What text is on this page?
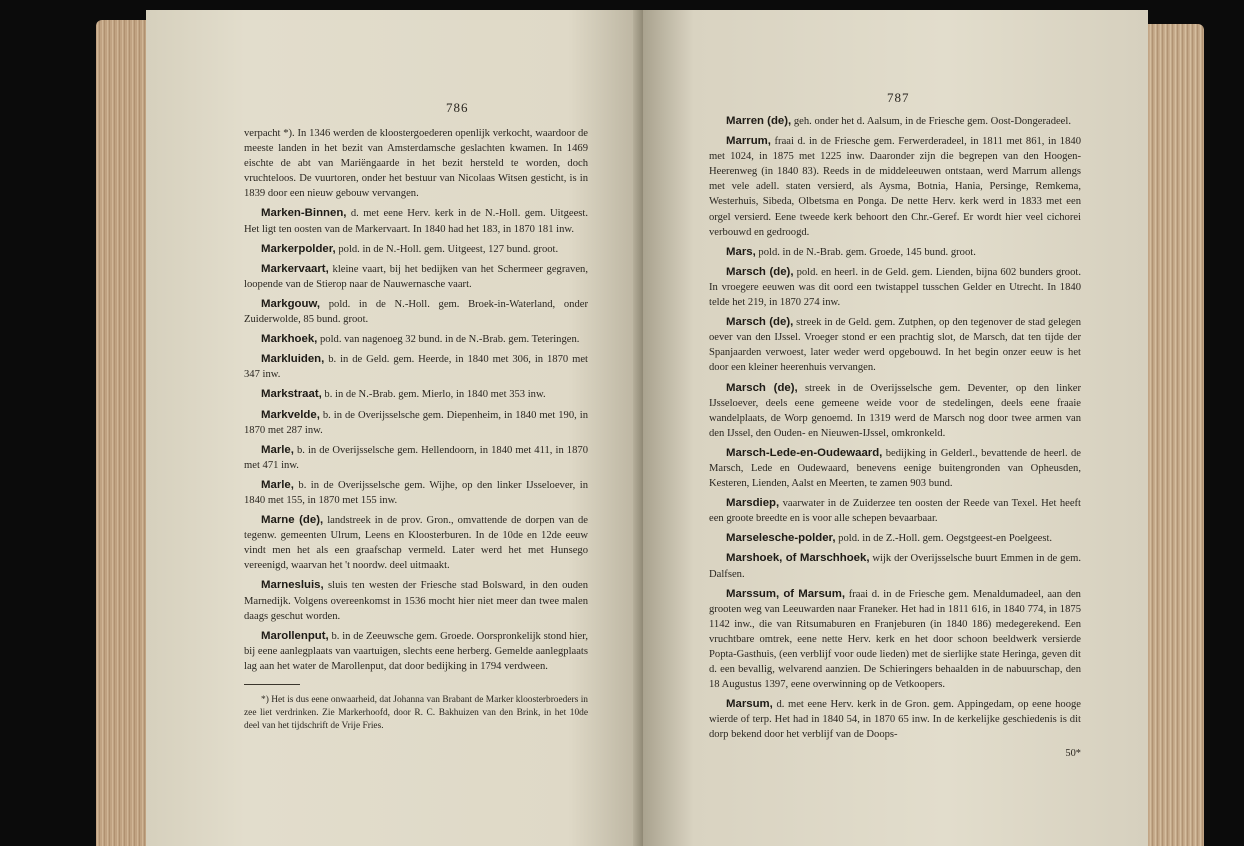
786

verpacht *). In 1346 werden de kloostergoederen openlijk verkocht, waardoor de meeste landen in het bezit van Amsterdamsche geslachten kwamen. In 1469 eischte de abt van Mariëngaarde in het bezit hersteld te worden, doch vruchteloos. De vuurtoren, onder het bestuur van Nicolaas Witsen gesticht, is in 1839 door een nieuw gebouw vervangen.

Marken-Binnen, d. met eene Herv. kerk in de N.-Holl. gem. Uitgeest. Het ligt ten oosten van de Markervaart. In 1840 had het 183, in 1870 181 inw.

Markerpolder, pold. in de N.-Holl. gem. Uitgeest, 127 bund. groot.

Markervaart, kleine vaart, bij het bedijken van het Schermeer gegraven, loopende van de Stierop naar de Nauwernasche vaart.

Markgouw, pold. in de N.-Holl. gem. Broek-in-Waterland, onder Zuiderwolde, 85 bund. groot.

Markhoek, pold. van nagenoeg 32 bund. in de N.-Brab. gem. Teteringen.

Markluiden, b. in de Geld. gem. Heerde, in 1840 met 306, in 1870 met 347 inw.

Markstraat, b. in de N.-Brab. gem. Mierlo, in 1840 met 353 inw.

Markvelde, b. in de Overijsselsche gem. Diepenheim, in 1840 met 190, in 1870 met 287 inw.

Marle, b. in de Overijsselsche gem. Hellendoorn, in 1840 met 411, in 1870 met 471 inw.

Marle, b. in de Overijsselsche gem. Wijhe, op den linker IJsseloever, in 1840 met 155, in 1870 met 155 inw.

Marne (de), landstreek in de prov. Gron., omvattende de dorpen van de tegenw. gemeenten Ulrum, Leens en Kloosterburen. In de 10de en 12de eeuw vindt men het als een graafschap vermeld. Later werd het met Hunsego vereenigd, waarvan het 't noordw. deel uitmaakt.

Marnesluis, sluis ten westen der Friesche stad Bolsward, in den ouden Marnedijk. Volgens overeenkomst in 1536 mocht hier niet meer dan twee malen daags geschut worden.

Marollenput, b. in de Zeeuwsche gem. Groede. Oorspronkelijk stond hier, bij eene aanlegplaats van vaartuigen, slechts eene herberg. Gemelde aanlegplaats lag aan het water de Marollenput, dat door bedijking in 1794 verdween.

*) Het is dus eene onwaarheid, dat Johanna van Brabant de Marker kloosterbroeders in zee liet verdrinken. Zie Markerhoofd, door R. C. Bakhuizen van den Brink, in het 10de deel van het tijdschrift de Vrije Fries.

787

Marren (de), geh. onder het d. Aalsum, in de Friesche gem. Oost-Dongeradeel.

Marrum, fraai d. in de Friesche gem. Ferwerderadeel, in 1811 met 861, in 1840 met 1024, in 1875 met 1225 inw. Daaronder zijn die begrepen van den Hoogen-Heerenweg (in 1840 83). Reeds in de middeleeuwen ontstaan, werd Marrum allengs met vele adell. staten versierd, als Aysma, Botnia, Hania, Persinge, Remkema, Westerhuis, Sibeda, Olbetsma en Ponga. De nette Herv. kerk werd in 1833 met een orgel versierd. Eene tweede kerk behoort den Chr.-Geref. Er wordt hier veel cichorei verbouwd en gedroogd.

Mars, pold. in de N.-Brab. gem. Groede, 145 bund. groot.

Marsch (de), pold. en heerl. in de Geld. gem. Lienden, bijna 602 bunders groot. In vroegere eeuwen was dit oord een twistappel tusschen Gelder en Utrecht. In 1840 telde het 219, in 1870 274 inw.

Marsch (de), streek in de Geld. gem. Zutphen, op den tegenover de stad gelegen oever van den IJssel. Vroeger stond er een prachtig slot, de Marsch, dat ten tijde der Spanjaarden verwoest, later weder werd opgebouwd. In het begin onzer eeuw is het door een kleiner heerenhuis vervangen.

Marsch (de), streek in de Overijsselsche gem. Deventer, op den linker IJsseloever, deels eene gemeene weide voor de stedelingen, deels eene fraaie wandelplaats, de Worp genoemd. In 1319 werd de Marsch nog door twee armen van den IJssel, den Ouden- en Nieuwen-IJssel, omkronkeld.

Marsch-Lede-en-Oudewaard, bedijking in Gelderl., bevattende de heerl. de Marsch, Lede en Oudewaard, benevens eenige buitengronden van Opheusden, Kesteren, Lienden, Aalst en Meerten, te zamen 903 bund.

Marsdiep, vaarwater in de Zuiderzee ten oosten der Reede van Texel. Het heeft een groote breedte en is voor alle schepen bevaarbaar.

Marselesche-polder, pold. in de Z.-Holl. gem. Oegstgeest-en Poelgeest.

Marshoek, of Marschhoek, wijk der Overijsselsche buurt Emmen in de gem. Dalfsen.

Marssum, of Marsum, fraai d. in de Friesche gem. Menaldumadeel, aan den grooten weg van Leeuwarden naar Franeker. Het had in 1811 616, in 1840 774, in 1875 1142 inw., die van Ritsumaburen en Franjeburen (in 1840 186) medegerekend. Een vruchtbare omtrek, eene nette Herv. kerk en het door schoon beeldwerk versierde Popta-Gasthuis, (een verblijf voor oude lieden) met de sierlijke state Heringa, geven dit d. een bevallig, welvarend aanzien. De Schieringers behaalden in de nabuurschap, den 18 Augustus 1397, eene overwinning op de Vetkoopers.

Marsum, d. met eene Herv. kerk in de Gron. gem. Appingedam, op eene hooge wierde of terp. Het had in 1840 54, in 1870 65 inw. In de kerkelijke geschiedenis is dit dorp bekend door het verblijf van de Doops-

50*
